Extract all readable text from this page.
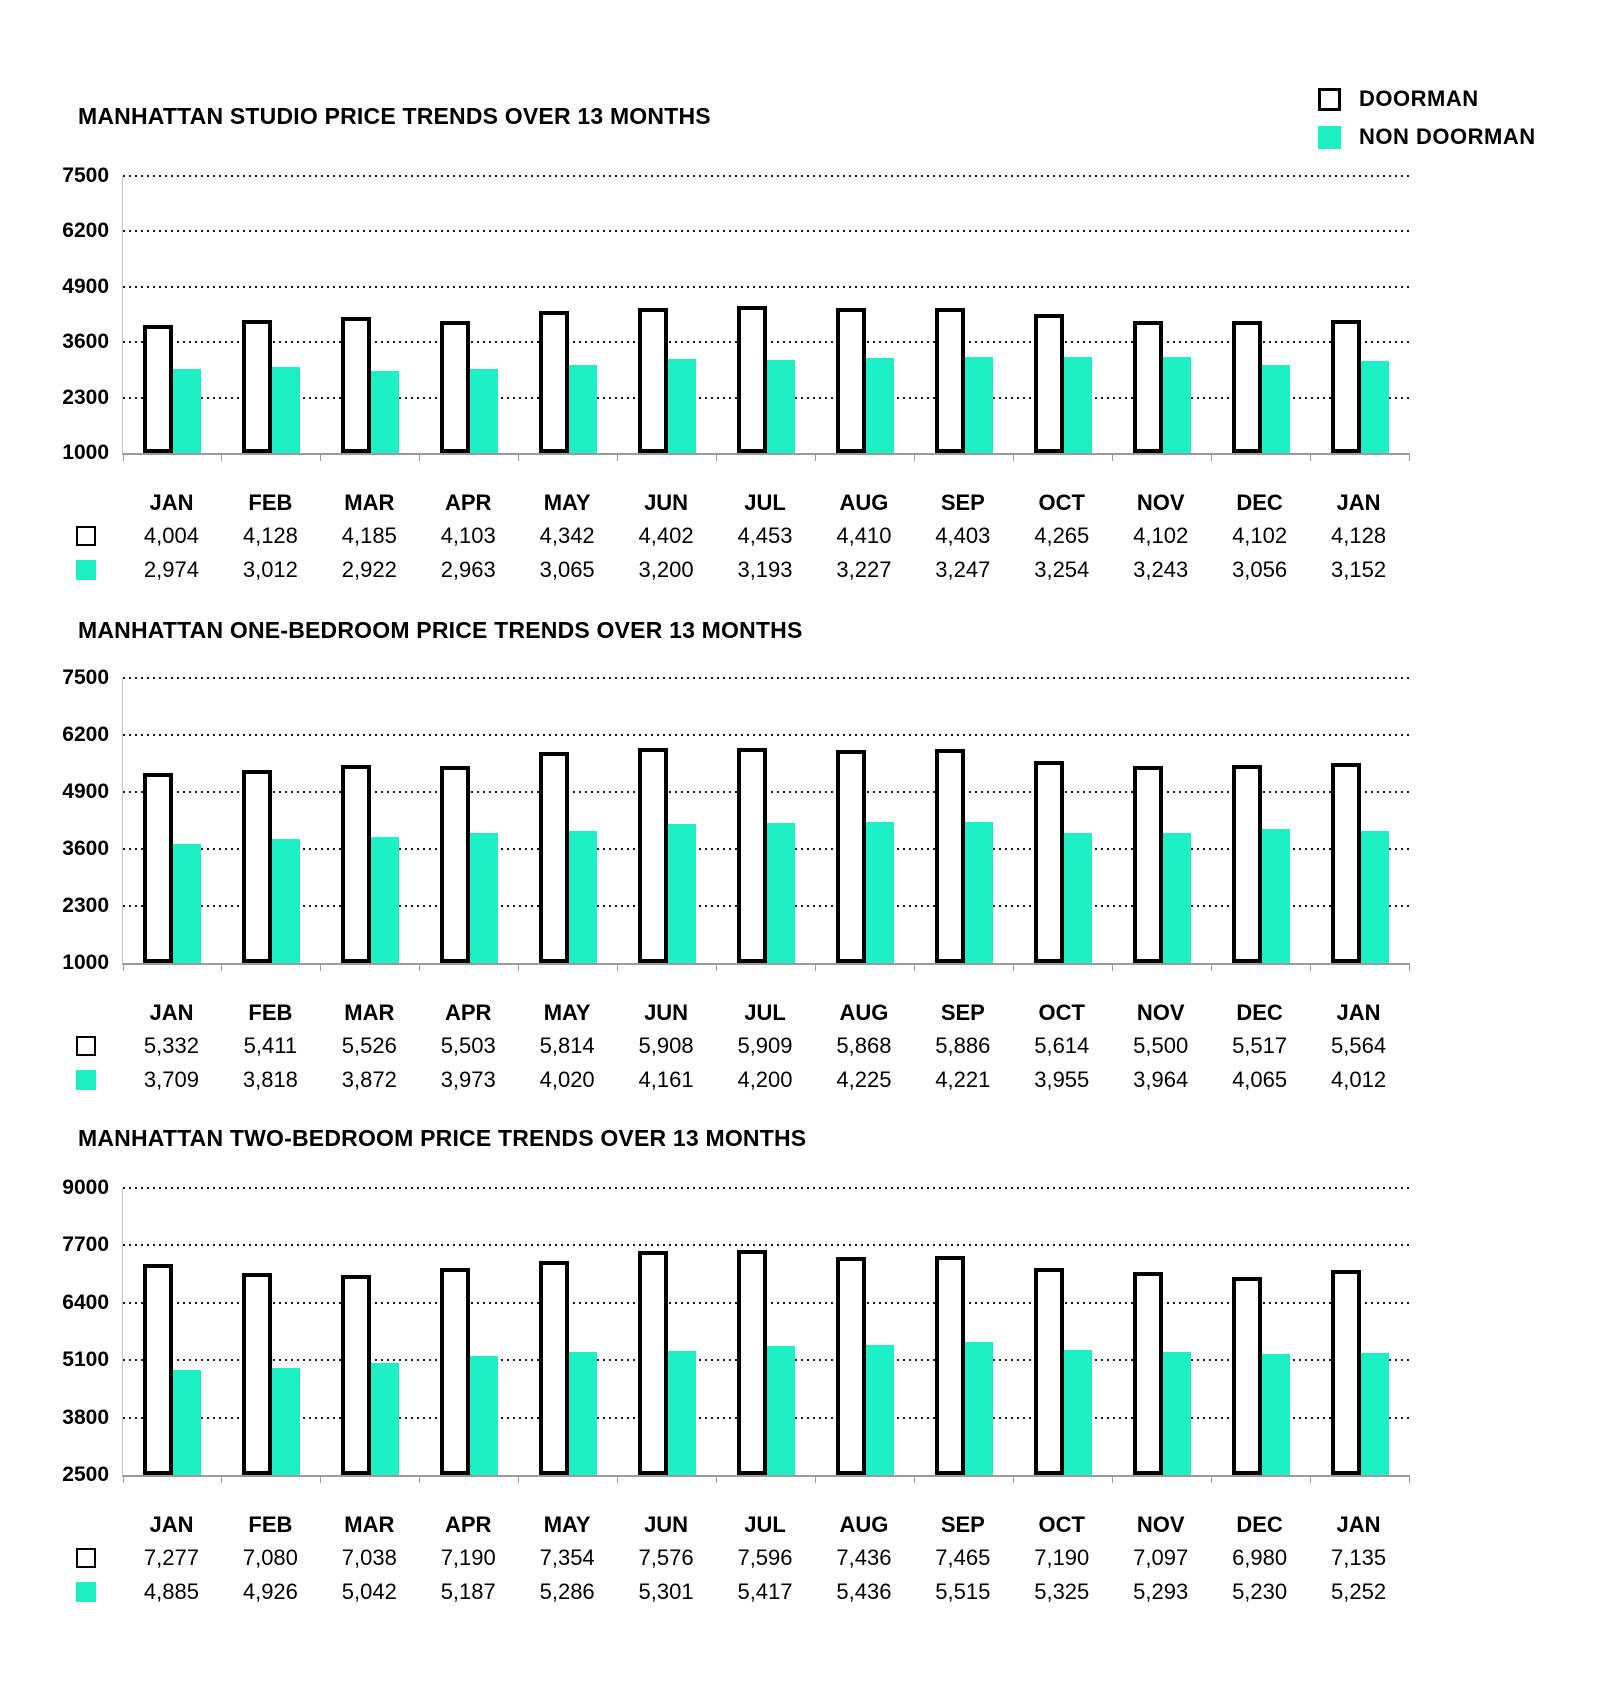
DOORMAN
NON DOORMAN
MANHATTAN STUDIO PRICE TRENDS OVER 13 MONTHS
7500
6200
4900
3600
2300
1000
JAN	FEB	MAR	APR	MAY	JUN	JUL	AUG	SEP	OCT	NOV	DEC	JAN
4,004	4,128	4,185	4,103	4,342	4,402	4,453	4,410	4,403	4,265	4,102	4,102	4,128
2,974	3,012	2,922	2,963	3,065	3,200	3,193	3,227	3,247	3,254	3,243	3,056	3,152
MANHATTAN ONE-BEDROOM PRICE TRENDS OVER 13 MONTHS
7500
6200
4900
3600
2300
1000
JAN	FEB	MAR	APR	MAY	JUN	JUL	AUG	SEP	OCT	NOV	DEC	JAN
5,332	5,411	5,526	5,503	5,814	5,908	5,909	5,868	5,886	5,614	5,500	5,517	5,564
3,709	3,818	3,872	3,973	4,020	4,161	4,200	4,225	4,221	3,955	3,964	4,065	4,012
MANHATTAN TWO-BEDROOM PRICE TRENDS OVER 13 MONTHS
9000
7700
6400
5100
3800
2500
JAN	FEB	MAR	APR	MAY	JUN	JUL	AUG	SEP	OCT	NOV	DEC	JAN
7,277	7,080	7,038	7,190	7,354	7,576	7,596	7,436	7,465	7,190	7,097	6,980	7,135
4,885	4,926	5,042	5,187	5,286	5,301	5,417	5,436	5,515	5,325	5,293	5,230	5,252
